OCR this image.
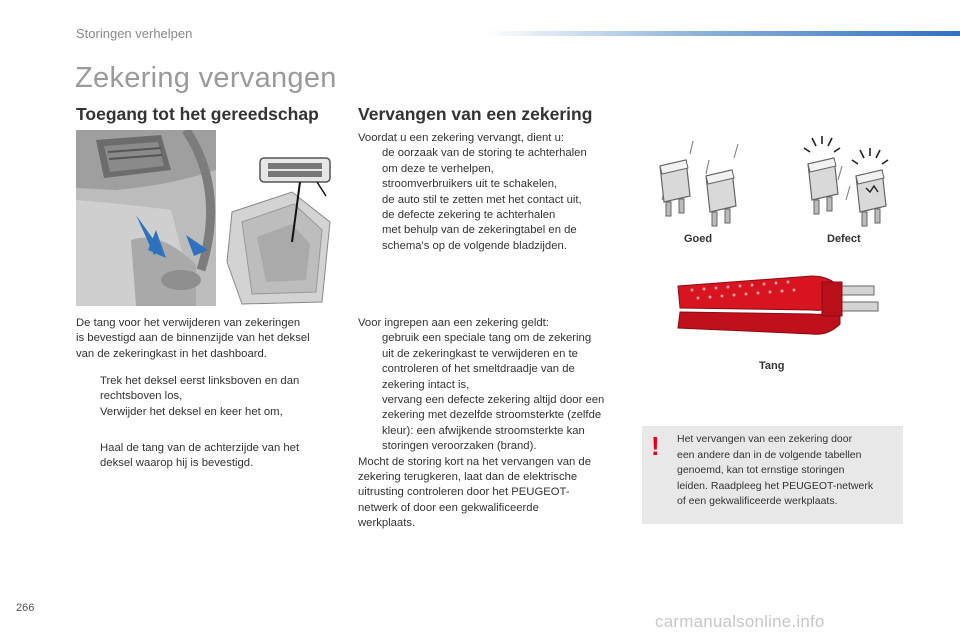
Storingen verhelpen
Zekering vervangen
Toegang tot het gereedschap
De tang voor het verwijderen van zekeringen
is bevestigd aan de binnenzijde van het deksel
van de zekeringkast in het dashboard.
Trek het deksel eerst linksboven en dan
rechtsboven los,
Verwijder het deksel en keer het om,
Haal de tang van de achterzijde van het
deksel waarop hij is bevestigd.
Vervangen van een zekering
Voordat u een zekering vervangt, dient u:
de oorzaak van de storing te achterhalen
om deze te verhelpen,
stroomverbruikers uit te schakelen,
de auto stil te zetten met het contact uit,
de defecte zekering te achterhalen
met behulp van de zekeringtabel en de
schema's op de volgende bladzijden.
Voor ingrepen aan een zekering geldt:
gebruik een speciale tang om de zekering
uit de zekeringkast te verwijderen en te
controleren of het smeltdraadje van de
zekering intact is,
vervang een defecte zekering altijd door een
zekering met dezelfde stroomsterkte (zelfde
kleur): een afwijkende stroomsterkte kan
storingen veroorzaken (brand).
Mocht de storing kort na het vervangen van de
zekering terugkeren, laat dan de elektrische
uitrusting controleren door het PEUGEOT-
netwerk of door een gekwalificeerde
werkplaats.
Goed	Defect
Tang
! Het vervangen van een zekering door
een andere dan in de volgende tabellen
genoemd, kan tot ernstige storingen
leiden. Raadpleeg het PEUGEOT-netwerk
of een gekwalificeerde werkplaats.
266
carmanualsonline.info
